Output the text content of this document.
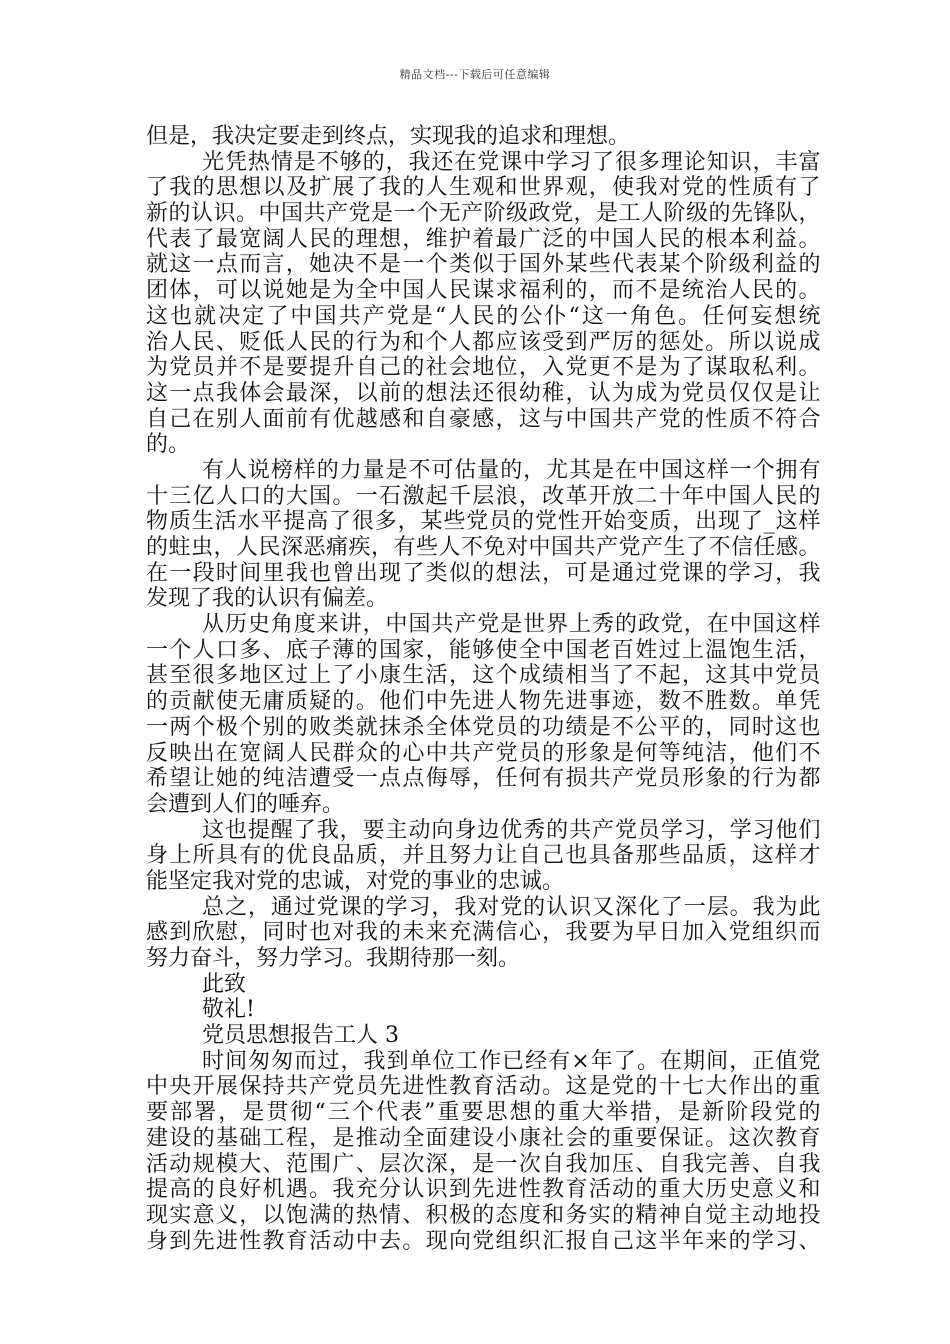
精品文档---下载后可任意编辑
但是，我决定要走到终点，实现我的追求和理想。
光凭热情是不够的，我还在党课中学习了很多理论知识，丰富
了我的思想以及扩展了我的人生观和世界观，使我对党的性质有了
新的认识。中国共产党是一个无产阶级政党，是工人阶级的先锋队，
代表了最宽阔人民的理想，维护着最广泛的中国人民的根本利益。
就这一点而言，她决不是一个类似于国外某些代表某个阶级利益的
团体，可以说她是为全中国人民谋求福利的，而不是统治人民的。
这也就决定了中国共产党是“人民的公仆“这一角色。任何妄想统
治人民、贬低人民的行为和个人都应该受到严厉的惩处。所以说成
为党员并不是要提升自己的社会地位，入党更不是为了谋取私利。
这一点我体会最深，以前的想法还很幼稚，认为成为党员仅仅是让
自己在别人面前有优越感和自豪感，这与中国共产党的性质不符合
的。
有人说榜样的力量是不可估量的，尤其是在中国这样一个拥有
十三亿人口的大国。一石激起千层浪，改革开放二十年中国人民的
物质生活水平提高了很多，某些党员的党性开始变质，出现了_这样
的蛀虫，人民深恶痛疾，有些人不免对中国共产党产生了不信任感。
在一段时间里我也曾出现了类似的想法，可是通过党课的学习，我
发现了我的认识有偏差。
从历史角度来讲，中国共产党是世界上秀的政党，在中国这样
一个人口多、底子薄的国家，能够使全中国老百姓过上温饱生活，
甚至很多地区过上了小康生活，这个成绩相当了不起，这其中党员
的贡献使无庸质疑的。他们中先进人物先进事迹，数不胜数。单凭
一两个极个别的败类就抹杀全体党员的功绩是不公平的，同时这也
反映出在宽阔人民群众的心中共产党员的形象是何等纯洁，他们不
希望让她的纯洁遭受一点点侮辱，任何有损共产党员形象的行为都
会遭到人们的唾弃。
这也提醒了我，要主动向身边优秀的共产党员学习，学习他们
身上所具有的优良品质，并且努力让自己也具备那些品质，这样才
能坚定我对党的忠诚，对党的事业的忠诚。
总之，通过党课的学习，我对党的认识又深化了一层。我为此
感到欣慰，同时也对我的未来充满信心，我要为早日加入党组织而
努力奋斗，努力学习。我期待那一刻。
此致
敬礼!
党员思想报告工人 3
时间匆匆而过，我到单位工作已经有×年了。在期间，正值党
中央开展保持共产党员先进性教育活动。这是党的十七大作出的重
要部署，是贯彻“三个代表”重要思想的重大举措，是新阶段党的
建设的基础工程，是推动全面建设小康社会的重要保证。这次教育
活动规模大、范围广、层次深，是一次自我加压、自我完善、自我
提高的良好机遇。我充分认识到先进性教育活动的重大历史意义和
现实意义，以饱满的热情、积极的态度和务实的精神自觉主动地投
身到先进性教育活动中去。现向党组织汇报自己这半年来的学习、
